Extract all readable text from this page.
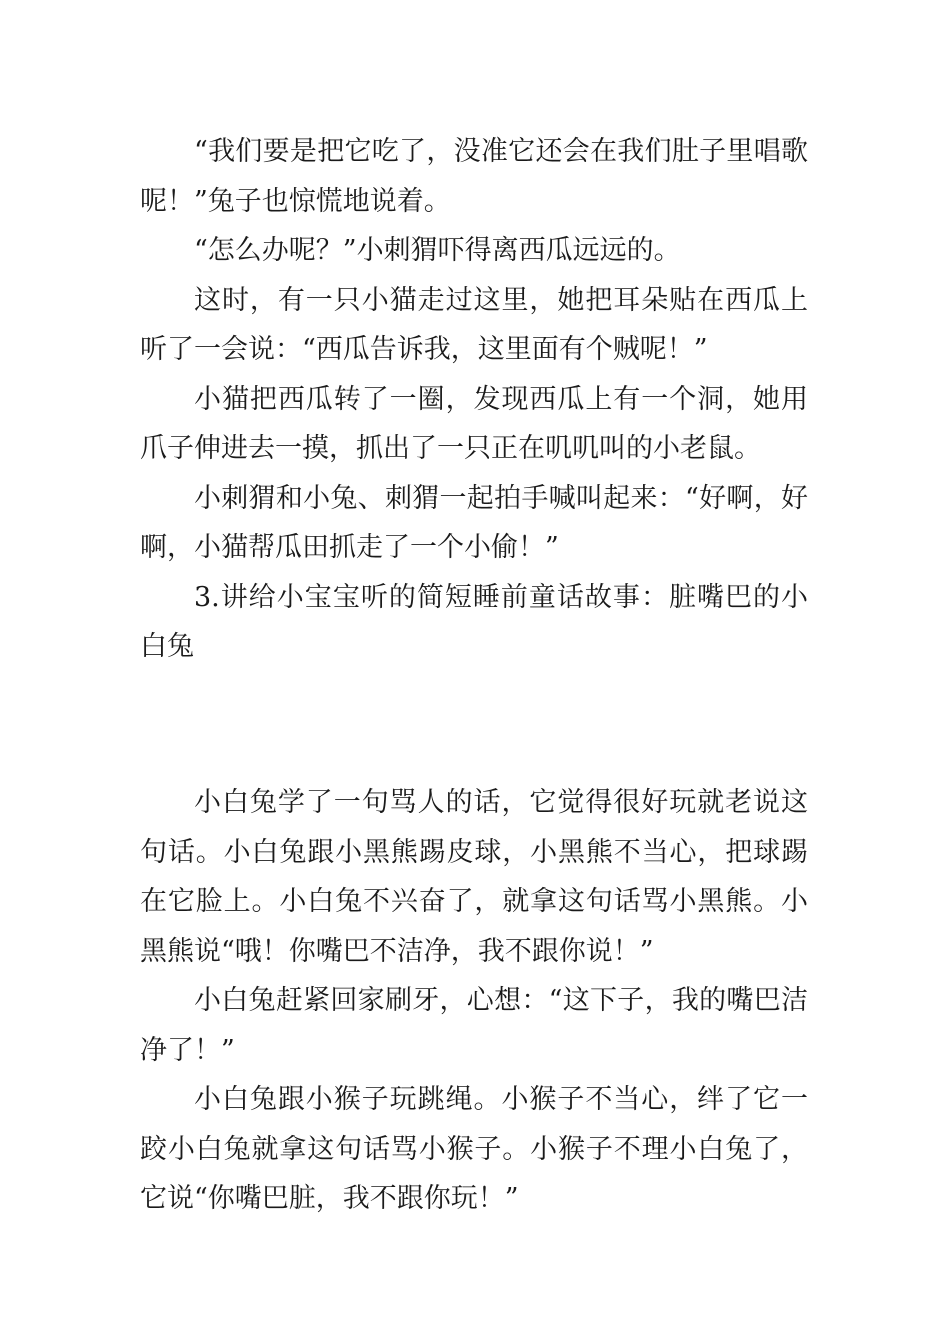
“我们要是把它吃了，没准它还会在我们肚子里唱歌呢！”兔子也惊慌地说着。

“怎么办呢？”小刺猬吓得离西瓜远远的。

这时，有一只小猫走过这里，她把耳朵贴在西瓜上听了一会说：“西瓜告诉我，这里面有个贼呢！”

小猫把西瓜转了一圈，发现西瓜上有一个洞，她用爪子伸进去一摸，抓出了一只正在叽叽叫的小老鼠。

小刺猬和小兔、刺猬一起拍手喊叫起来：“好啊，好啊，小猫帮瓜田抓走了一个小偷！”

3.讲给小宝宝听的简短睡前童话故事：脏嘴巴的小白兔

小白兔学了一句骂人的话，它觉得很好玩就老说这句话。小白兔跟小黑熊踢皮球，小黑熊不当心，把球踢在它脸上。小白兔不兴奋了，就拿这句话骂小黑熊。小黑熊说“哦！你嘴巴不洁净，我不跟你说！”

小白兔赶紧回家刷牙，心想：“这下子，我的嘴巴洁净了！”

小白兔跟小猴子玩跳绳。小猴子不当心，绊了它一跤小白兔就拿这句话骂小猴子。小猴子不理小白兔了，它说“你嘴巴脏，我不跟你玩！”
